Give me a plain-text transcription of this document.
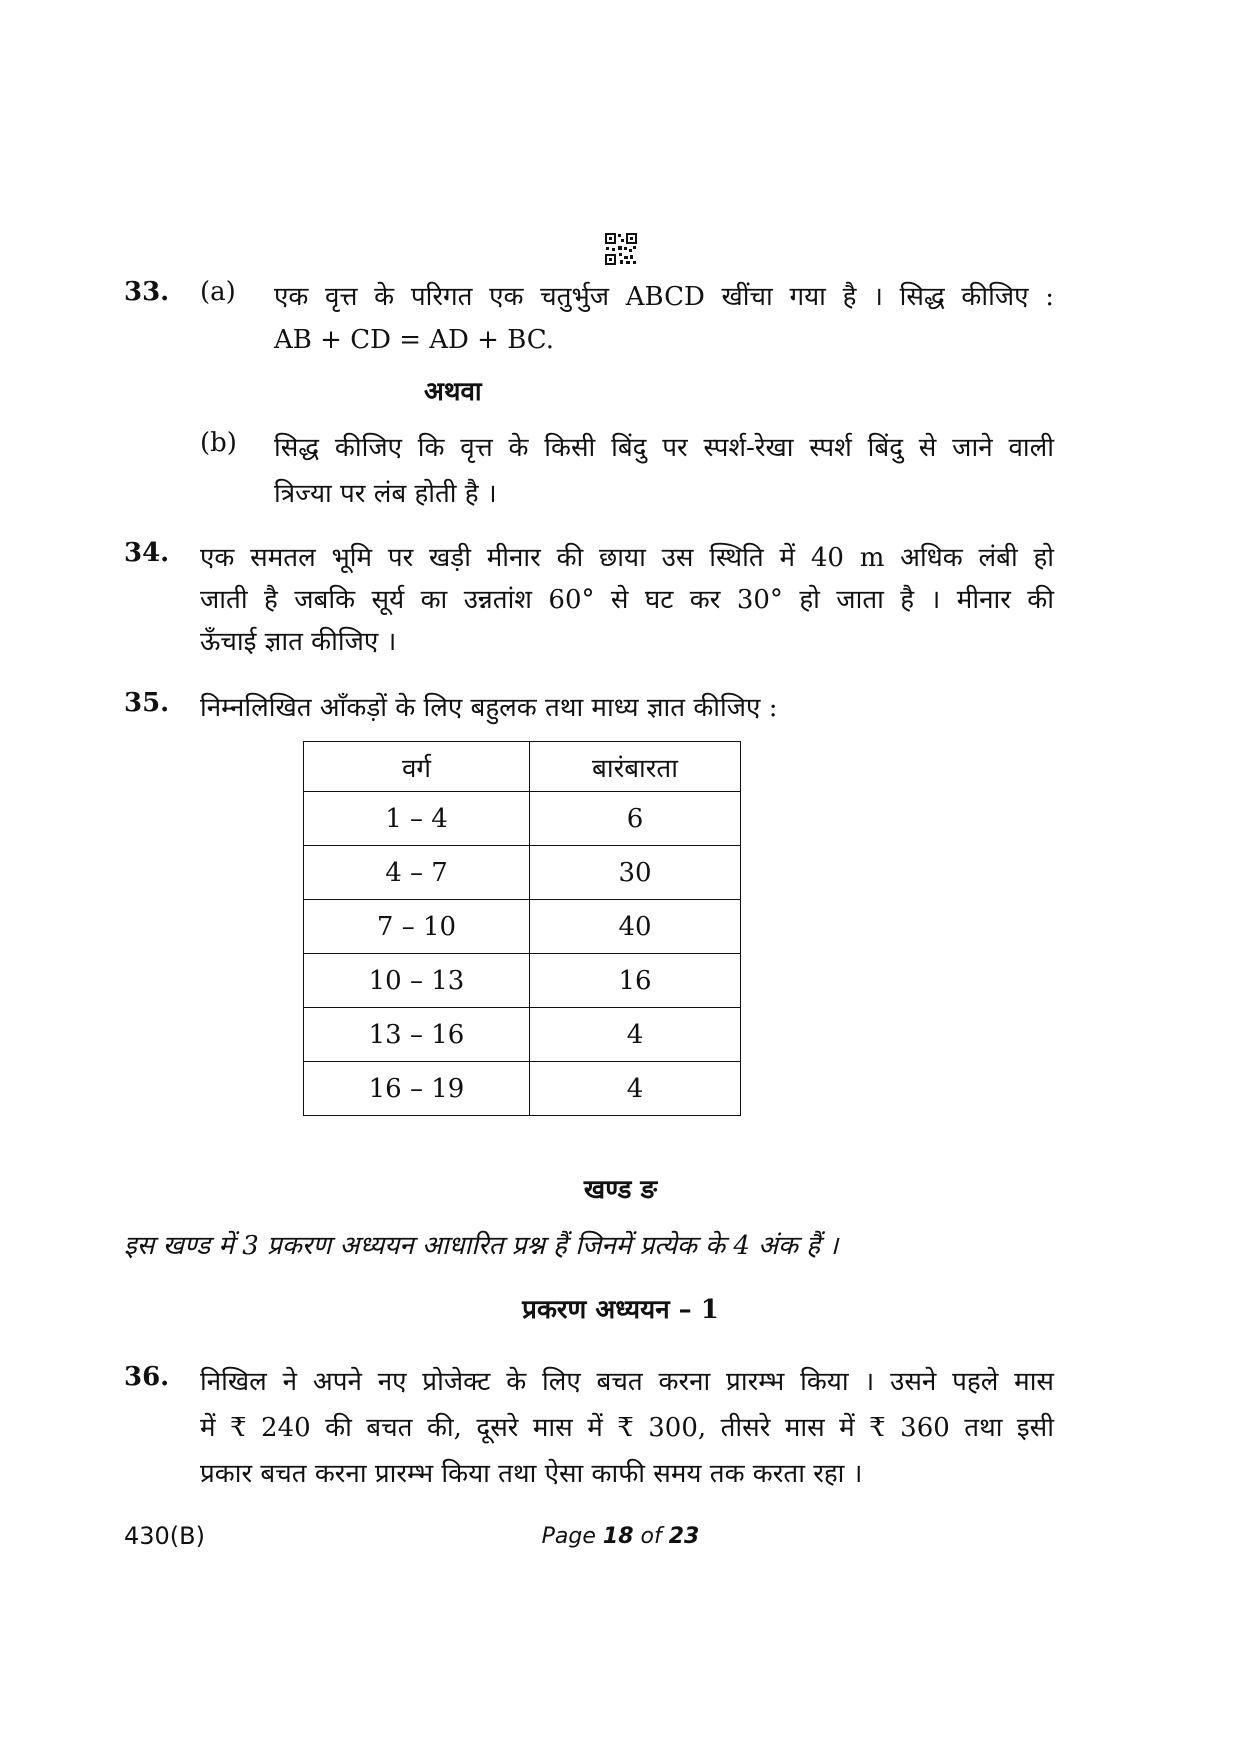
33. (a) एक वृत्त के परिगत एक चतुर्भुज ABCD खींचा गया है । सिद्ध कीजिए :
AB + CD = AD + BC.
अथवा
(b) सिद्ध कीजिए कि वृत्त के किसी बिंदु पर स्पर्श-रेखा स्पर्श बिंदु से जाने वाली
त्रिज्या पर लंब होती है ।
34. एक समतल भूमि पर खड़ी मीनार की छाया उस स्थिति में 40 m अधिक लंबी हो
जाती है जबकि सूर्य का उन्नतांश 60° से घट कर 30° हो जाता है । मीनार की
ऊँचाई ज्ञात कीजिए ।
35. निम्नलिखित आँकड़ों के लिए बहुलक तथा माध्य ज्ञात कीजिए :
वर्ग	बारंबारता
1 – 4	6
4 – 7	30
7 – 10	40
10 – 13	16
13 – 16	4
16 – 19	4
खण्ड ङ
इस खण्ड में 3 प्रकरण अध्ययन आधारित प्रश्न हैं जिनमें प्रत्येक के 4 अंक हैं ।
प्रकरण अध्ययन – 1
36. निखिल ने अपने नए प्रोजेक्ट के लिए बचत करना प्रारम्भ किया । उसने पहले मास
में ₹ 240 की बचत की, दूसरे मास में ₹ 300, तीसरे मास में ₹ 360 तथा इसी
प्रकार बचत करना प्रारम्भ किया तथा ऐसा काफी समय तक करता रहा ।
430(B)	Page 18 of 23
